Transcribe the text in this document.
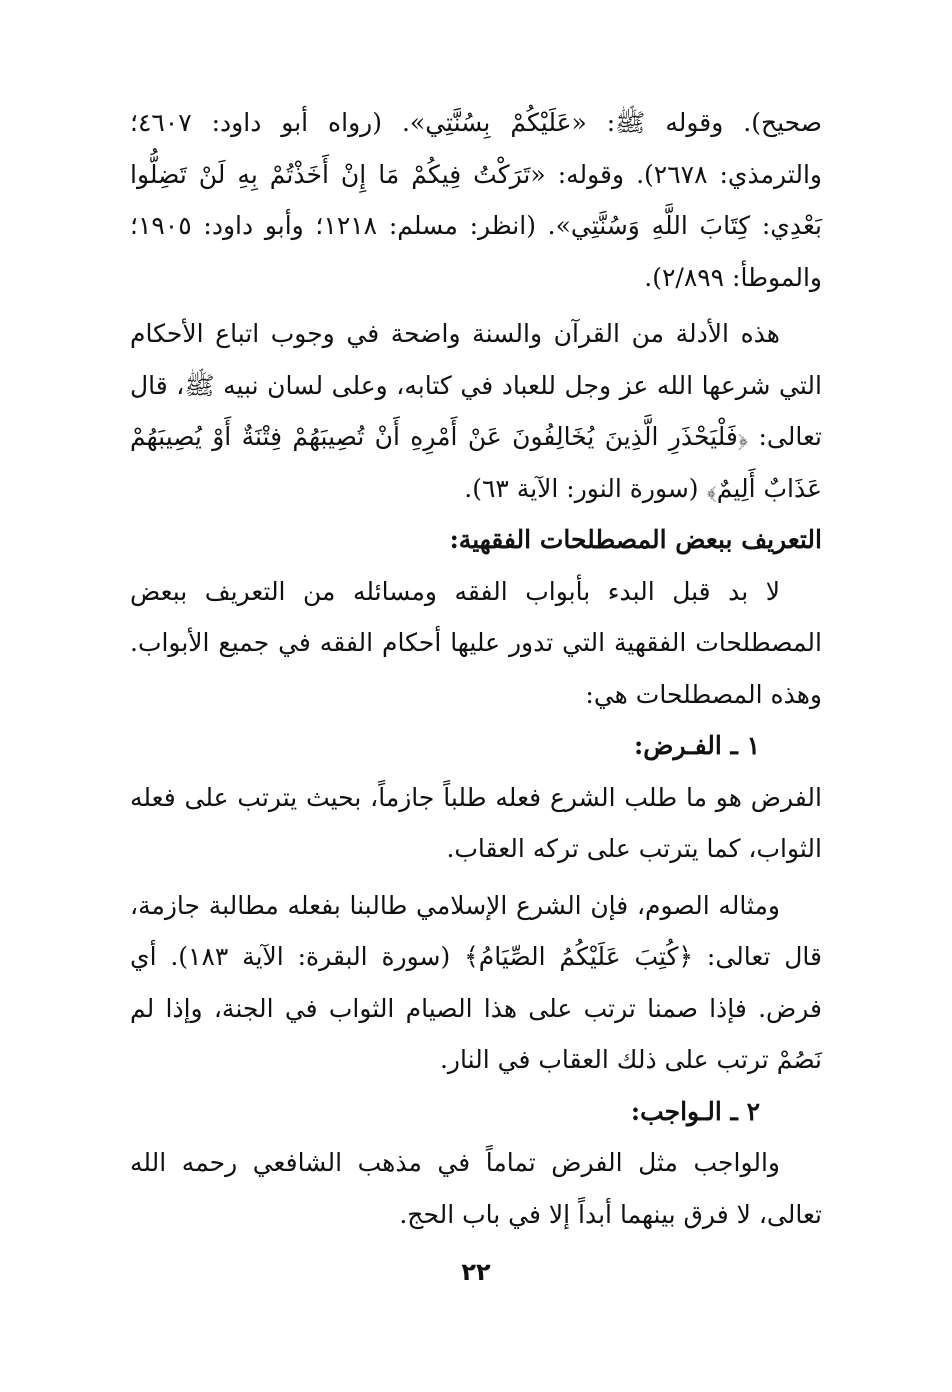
صحيح). وقوله ﷺ: «عَلَيْكُمْ بِسُنَّتِي». (رواه أبو داود: ٤٦٠٧؛ والترمذي: ٢٦٧٨). وقوله: «تَرَكْتُ فِيكُمْ مَا إِنْ أَخَذْتُمْ بِهِ لَنْ تَضِلُّوا بَعْدِي: كِتَابَ اللَّهِ وَسُنَّتِي». (انظر: مسلم: ١٢١٨؛ وأبو داود: ١٩٠٥؛ والموطأ: ٢/٨٩٩).

هذه الأدلة من القرآن والسنة واضحة في وجوب اتباع الأحكام التي شرعها الله عز وجل للعباد في كتابه، وعلى لسان نبيه ﷺ، قال تعالى: ﴿فَلْيَحْذَرِ الَّذِينَ يُخَالِفُونَ عَنْ أَمْرِهِ أَنْ تُصِيبَهُمْ فِتْنَةٌ أَوْ يُصِيبَهُمْ عَذَابٌ أَلِيمٌ﴾ (سورة النور: الآية ٦٣).

التعريف ببعض المصطلحات الفقهية:

لا بد قبل البدء بأبواب الفقه ومسائله من التعريف ببعض المصطلحات الفقهية التي تدور عليها أحكام الفقه في جميع الأبواب. وهذه المصطلحات هي:

١ ـ الفـرض:

الفرض هو ما طلب الشرع فعله طلباً جازماً، بحيث يترتب على فعله الثواب، كما يترتب على تركه العقاب.

ومثاله الصوم، فإن الشرع الإسلامي طالبنا بفعله مطالبة جازمة، قال تعالى: ﴿كُتِبَ عَلَيْكُمُ الصِّيَامُ﴾ (سورة البقرة: الآية ١٨٣). أي فرض. فإذا صمنا ترتب على هذا الصيام الثواب في الجنة، وإذا لم نَصُمْ ترتب على ذلك العقاب في النار.

٢ ـ الـواجب:

والواجب مثل الفرض تماماً في مذهب الشافعي رحمه الله تعالى، لا فرق بينهما أبداً إلا في باب الحج.

٢٢
